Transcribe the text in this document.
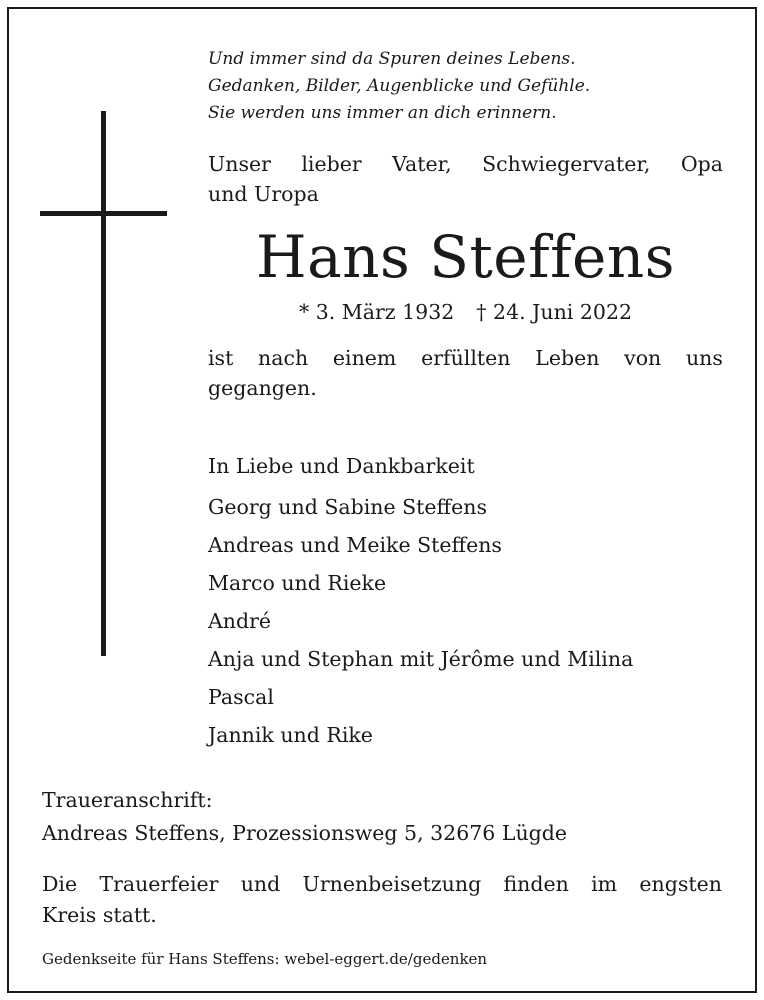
Und immer sind da Spuren deines Lebens.
Gedanken, Bilder, Augenblicke und Gefühle.
Sie werden uns immer an dich erinnern.
Unser lieber Vater, Schwiegervater, Opa
und Uropa
Hans Steffens
* 3. März 1932 † 24. Juni 2022
ist nach einem erfüllten Leben von uns
gegangen.
In Liebe und Dankbarkeit
Georg und Sabine Steffens
Andreas und Meike Steffens
Marco und Rieke
André
Anja und Stephan mit Jérôme und Milina
Pascal
Jannik und Rike
Traueranschrift:
Andreas Steffens, Prozessionsweg 5, 32676 Lügde
Die Trauerfeier und Urnenbeisetzung finden im engsten
Kreis statt.
Gedenkseite für Hans Steffens: webel-eggert.de/gedenken
